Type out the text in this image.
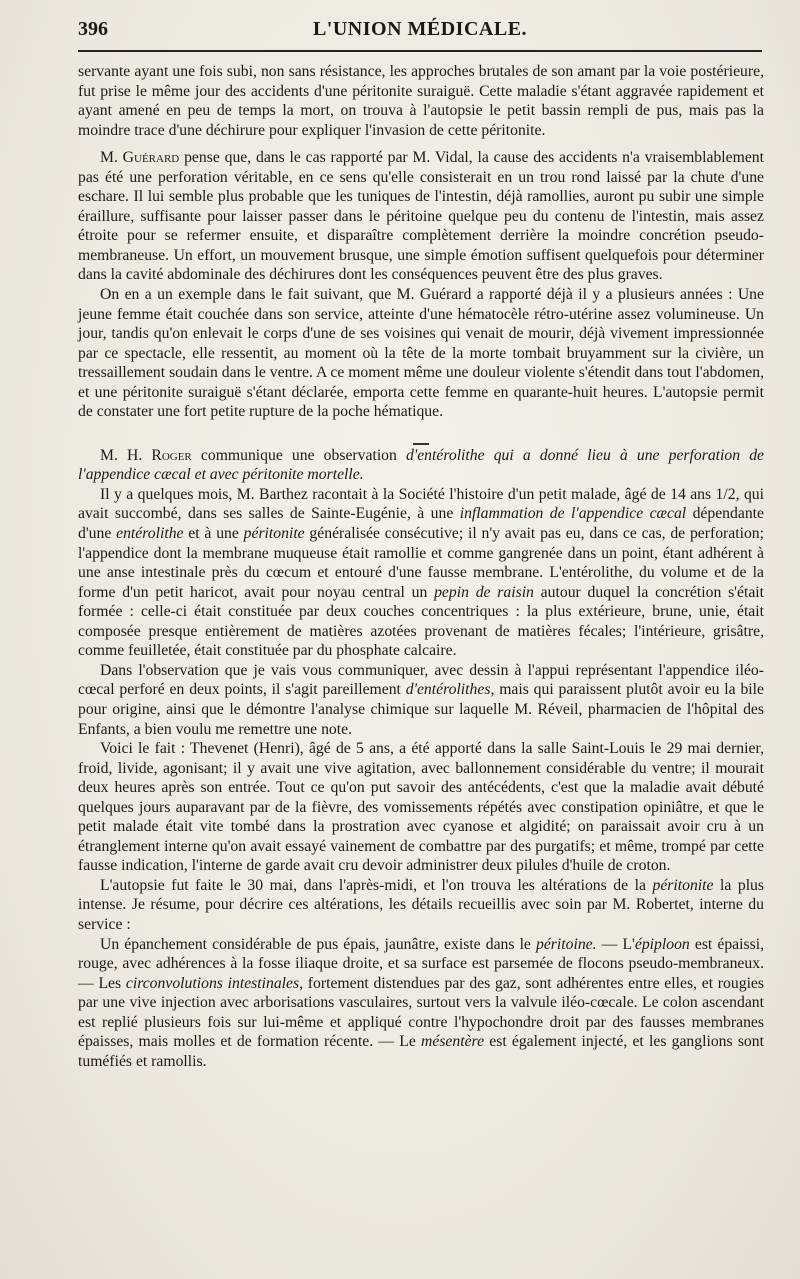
396	L'UNION MÉDICALE.

servante ayant une fois subi, non sans résistance, les approches brutales de son amant par la voie postérieure, fut prise le même jour des accidents d'une péritonite suraiguë. Cette maladie s'étant aggravée rapidement et ayant amené en peu de temps la mort, on trouva à l'autopsie le petit bassin rempli de pus, mais pas la moindre trace d'une déchirure pour expliquer l'invasion de cette péritonite.

M. Guérard pense que, dans le cas rapporté par M. Vidal, la cause des accidents n'a vraisemblablement pas été une perforation véritable, en ce sens qu'elle consisterait en un trou rond laissé par la chute d'une eschare. Il lui semble plus probable que les tuniques de l'intestin, déjà ramollies, auront pu subir une simple éraillure, suffisante pour laisser passer dans le péritoine quelque peu du contenu de l'intestin, mais assez étroite pour se refermer ensuite, et disparaître complètement derrière la moindre concrétion pseudo-membraneuse. Un effort, un mouvement brusque, une simple émotion suffisent quelquefois pour déterminer dans la cavité abdominale des déchirures dont les conséquences peuvent être des plus graves.

On en a un exemple dans le fait suivant, que M. Guérard a rapporté déjà il y a plusieurs années : Une jeune femme était couchée dans son service, atteinte d'une hématocèle rétro-utérine assez volumineuse. Un jour, tandis qu'on enlevait le corps d'une de ses voisines qui venait de mourir, déjà vivement impressionnée par ce spectacle, elle ressentit, au moment où la tête de la morte tombait bruyamment sur la civière, un tressaillement soudain dans le ventre. A ce moment même une douleur violente s'étendit dans tout l'abdomen, et une péritonite suraiguë s'étant déclarée, emporta cette femme en quarante-huit heures. L'autopsie permit de constater une fort petite rupture de la poche hématique.

M. H. Roger communique une observation d'entérolithe qui a donné lieu à une perforation de l'appendice cæcal et avec péritonite mortelle.

Il y a quelques mois, M. Barthez racontait à la Société l'histoire d'un petit malade, âgé de 14 ans 1/2, qui avait succombé, dans ses salles de Sainte-Eugénie, à une inflammation de l'appendice cæcal dépendante d'une entérolithe et à une péritonite généralisée consécutive; il n'y avait pas eu, dans ce cas, de perforation; l'appendice dont la membrane muqueuse était ramollie et comme gangrenée dans un point, étant adhérent à une anse intestinale près du cœcum et entouré d'une fausse membrane. L'entérolithe, du volume et de la forme d'un petit haricot, avait pour noyau central un pepin de raisin autour duquel la concrétion s'était formée : celle-ci était constituée par deux couches concentriques : la plus extérieure, brune, unie, était composée presque entièrement de matières azotées provenant de matières fécales; l'intérieure, grisâtre, comme feuilletée, était constituée par du phosphate calcaire.

Dans l'observation que je vais vous communiquer, avec dessin à l'appui représentant l'appendice iléo-cœcal perforé en deux points, il s'agit pareillement d'entérolithes, mais qui paraissent plutôt avoir eu la bile pour origine, ainsi que le démontre l'analyse chimique sur laquelle M. Réveil, pharmacien de l'hôpital des Enfants, a bien voulu me remettre une note.

Voici le fait : Thevenet (Henri), âgé de 5 ans, a été apporté dans la salle Saint-Louis le 29 mai dernier, froid, livide, agonisant; il y avait une vive agitation, avec ballonnement considérable du ventre; il mourait deux heures après son entrée. Tout ce qu'on put savoir des antécédents, c'est que la maladie avait débuté quelques jours auparavant par de la fièvre, des vomissements répétés avec constipation opiniâtre, et que le petit malade était vite tombé dans la prostration avec cyanose et algidité; on paraissait avoir cru à un étranglement interne qu'on avait essayé vainement de combattre par des purgatifs; et même, trompé par cette fausse indication, l'interne de garde avait cru devoir administrer deux pilules d'huile de croton.

L'autopsie fut faite le 30 mai, dans l'après-midi, et l'on trouva les altérations de la péritonite la plus intense. Je résume, pour décrire ces altérations, les détails recueillis avec soin par M. Robertet, interne du service :

Un épanchement considérable de pus épais, jaunâtre, existe dans le péritoine. — L'épiploon est épaissi, rouge, avec adhérences à la fosse iliaque droite, et sa surface est parsemée de flocons pseudo-membraneux. — Les circonvolutions intestinales, fortement distendues par des gaz, sont adhérentes entre elles, et rougies par une vive injection avec arborisations vasculaires, surtout vers la valvule iléo-cœcale. Le colon ascendant est replié plusieurs fois sur lui-même et appliqué contre l'hypochondre droit par des fausses membranes épaisses, mais molles et de formation récente. — Le mésentère est également injecté, et les ganglions sont tuméfiés et ramollis.
